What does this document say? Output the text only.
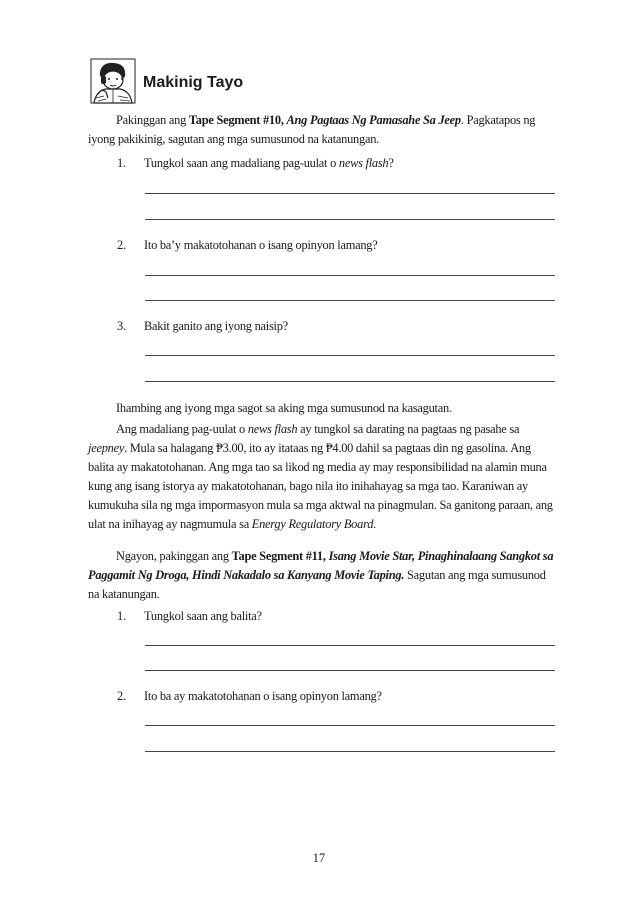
Makinig Tayo
Pakinggan ang Tape Segment #10, Ang Pagtaas Ng Pamasahe Sa Jeep. Pagkatapos ng iyong pakikinig, sagutan ang mga sumusunod na katanungan.
1. Tungkol saan ang madaliang pag-uulat o news flash?
2. Ito ba’y makatotohanan o isang opinyon lamang?
3. Bakit ganito ang iyong naisip?
Ihambing ang iyong mga sagot sa aking mga sumusunod na kasagutan.
Ang madaliang pag-uulat o news flash ay tungkol sa darating na pagtaas ng pasahe sa jeepney. Mula sa halagang ₱3.00, ito ay itataas ng ₱4.00 dahil sa pagtaas din ng gasolina. Ang balita ay makatotohanan. Ang mga tao sa likod ng media ay may responsibilidad na alamin muna kung ang isang istorya ay makatotohanan, bago nila ito inihahayag sa mga tao. Karaniwan ay kumukuha sila ng mga impormasyon mula sa mga aktwal na pinagmulan. Sa ganitong paraan, ang ulat na inihayag ay nagmumula sa Energy Regulatory Board.
Ngayon, pakinggan ang Tape Segment #11, Isang Movie Star, Pinaghinalaang Sangkot sa Paggamit Ng Droga, Hindi Nakadalo sa Kanyang Movie Taping. Sagutan ang mga sumusunod na katanungan.
1. Tungkol saan ang balita?
2. Ito ba ay makatotohanan o isang opinyon lamang?
17
